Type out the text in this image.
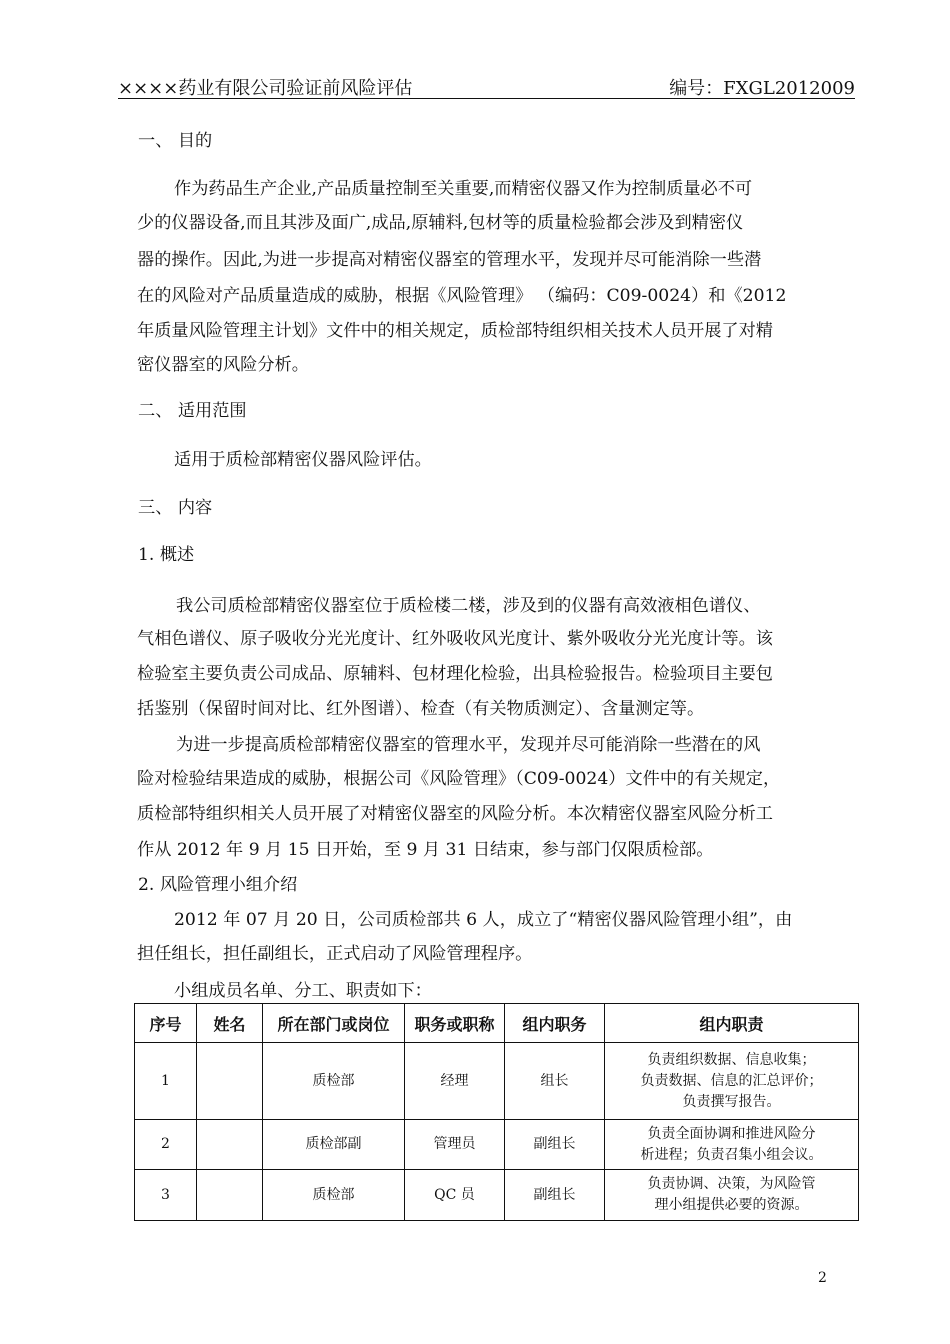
××××药业有限公司验证前风险评估	编号：FXGL2012009
一、 目的
作为药品生产企业,产品质量控制至关重要,而精密仪器又作为控制质量必不可
少的仪器设备,而且其涉及面广,成品,原辅料,包材等的质量检验都会涉及到精密仪
器的操作。因此,为进一步提高对精密仪器室的管理水平，发现并尽可能消除一些潜
在的风险对产品质量造成的威胁，根据《风险管理》 （编码：C09-0024）和《2012
年质量风险管理主计划》文件中的相关规定，质检部特组织相关技术人员开展了对精
密仪器室的风险分析。
二、 适用范围
适用于质检部精密仪器风险评估。
三、 内容
1. 概述
我公司质检部精密仪器室位于质检楼二楼，涉及到的仪器有高效液相色谱仪、
气相色谱仪、原子吸收分光光度计、红外吸收风光度计、紫外吸收分光光度计等。该
检验室主要负责公司成品、原辅料、包材理化检验，出具检验报告。检验项目主要包
括鉴别（保留时间对比、红外图谱）、检查（有关物质测定）、含量测定等。
为进一步提高质检部精密仪器室的管理水平，发现并尽可能消除一些潜在的风
险对检验结果造成的威胁，根据公司《风险管理》（C09-0024）文件中的有关规定，
质检部特组织相关人员开展了对精密仪器室的风险分析。本次精密仪器室风险分析工
作从 2012 年 9 月 15 日开始，至 9 月 31 日结束，参与部门仅限质检部。
2. 风险管理小组介绍
2012 年 07 月 20 日，公司质检部共 6 人，成立了“精密仪器风险管理小组”，由
担任组长，担任副组长，正式启动了风险管理程序。
小组成员名单、分工、职责如下：
序号	姓名	所在部门或岗位	职务或职称	组内职务	组内职责
1		质检部	经理	组长	负责组织数据、信息收集；
负责数据、信息的汇总评价；
负责撰写报告。

2		质检部副	管理员	副组长	负责全面协调和推进风险分
析进程；负责召集小组会议。

3		质检部	QC 员	副组长	负责协调、决策，为风险管
理小组提供必要的资源。
2
